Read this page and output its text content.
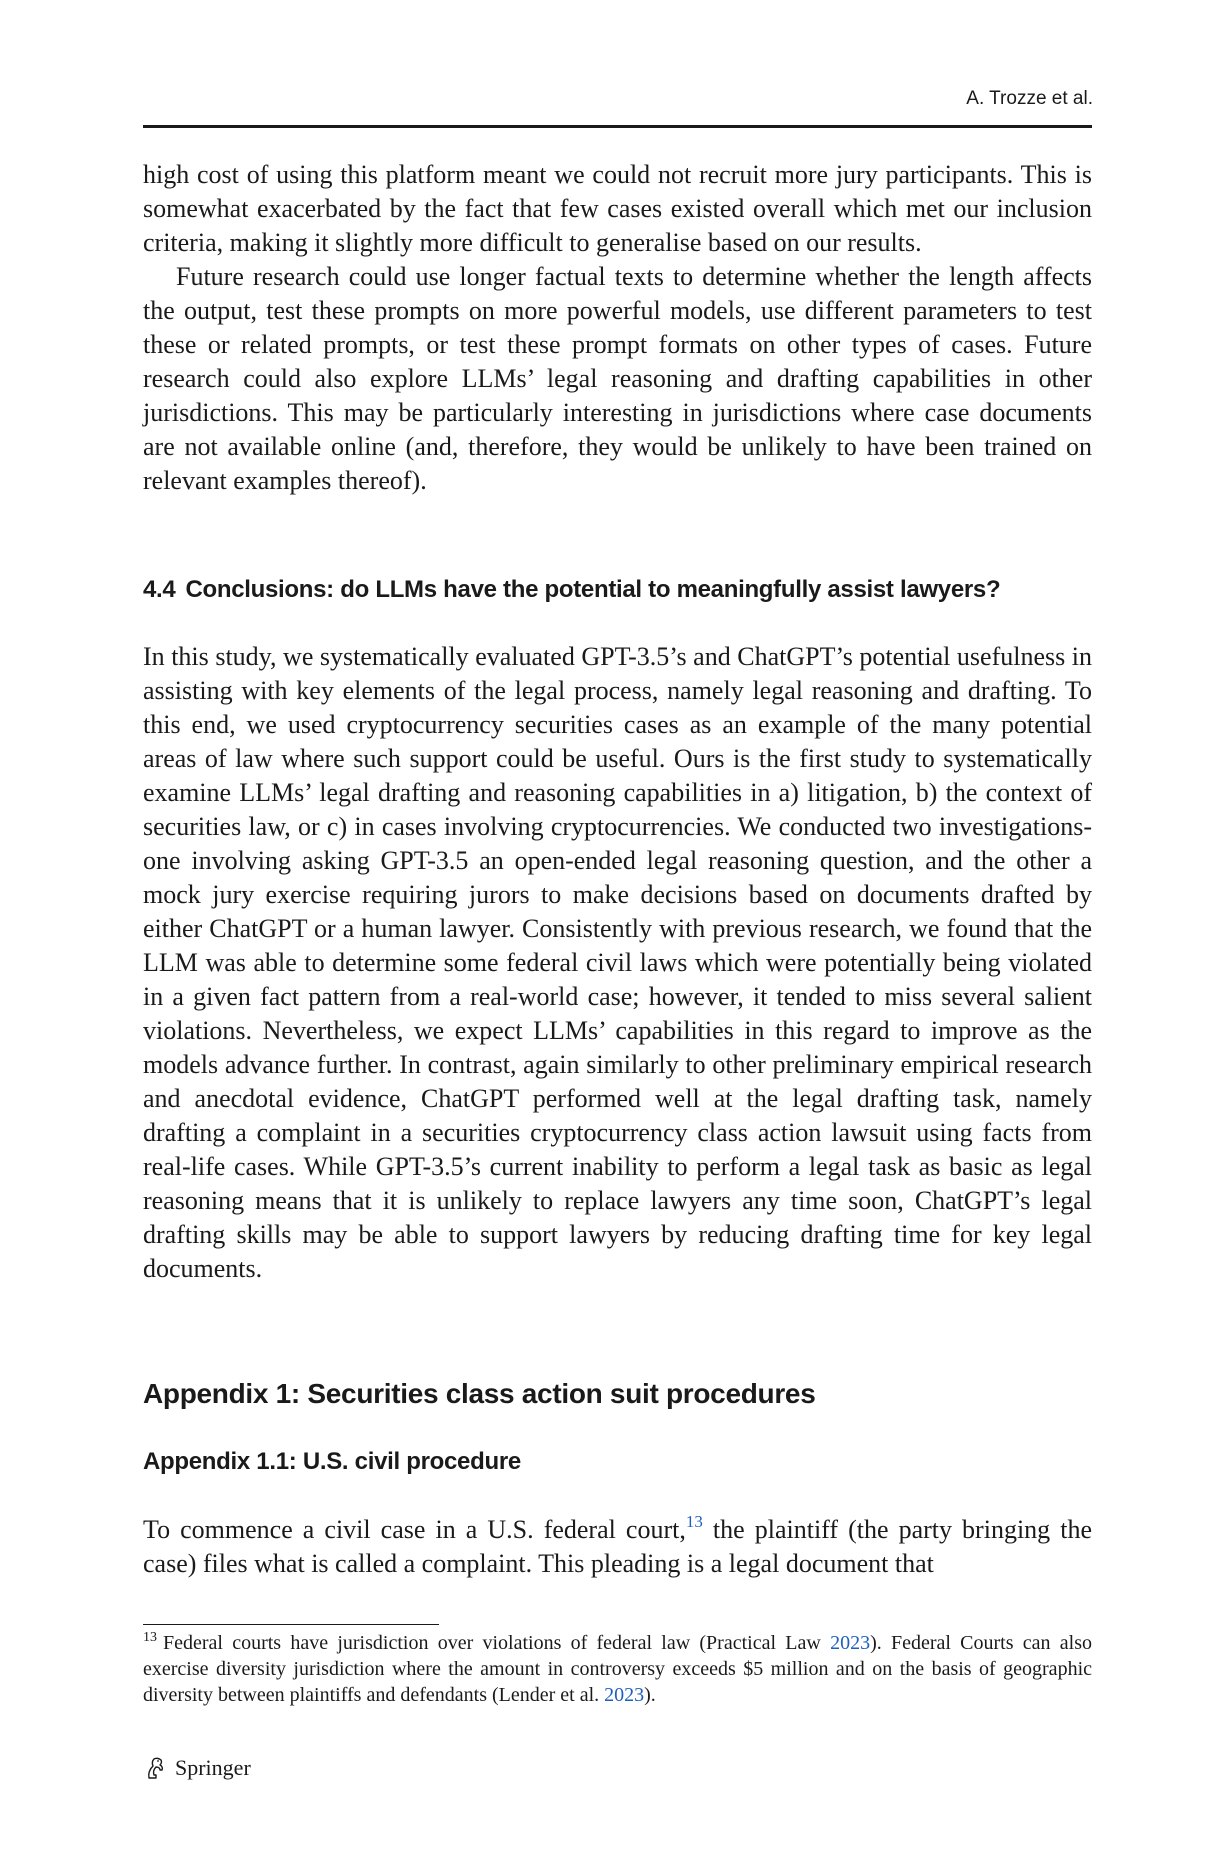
A. Trozze et al.

high cost of using this platform meant we could not recruit more jury participants. This is somewhat exacerbated by the fact that few cases existed overall which met our inclusion criteria, making it slightly more difficult to generalise based on our results.

Future research could use longer factual texts to determine whether the length affects the output, test these prompts on more powerful models, use different parameters to test these or related prompts, or test these prompt formats on other types of cases. Future research could also explore LLMs’ legal reasoning and drafting capabilities in other jurisdictions. This may be particularly interesting in jurisdictions where case documents are not available online (and, therefore, they would be unlikely to have been trained on relevant examples thereof).

4.4 Conclusions: do LLMs have the potential to meaningfully assist lawyers?

In this study, we systematically evaluated GPT-3.5’s and ChatGPT’s potential usefulness in assisting with key elements of the legal process, namely legal reasoning and drafting. To this end, we used cryptocurrency securities cases as an example of the many potential areas of law where such support could be useful. Ours is the first study to systematically examine LLMs’ legal drafting and reasoning capabilities in a) litigation, b) the context of securities law, or c) in cases involving cryptocurrencies. We conducted two investigations-one involving asking GPT-3.5 an open-ended legal reasoning question, and the other a mock jury exercise requiring jurors to make decisions based on documents drafted by either ChatGPT or a human lawyer. Consistently with previous research, we found that the LLM was able to determine some federal civil laws which were potentially being violated in a given fact pattern from a real-world case; however, it tended to miss several salient violations. Nevertheless, we expect LLMs’ capabilities in this regard to improve as the models advance further. In contrast, again similarly to other preliminary empirical research and anecdotal evidence, ChatGPT performed well at the legal drafting task, namely drafting a complaint in a securities cryptocurrency class action lawsuit using facts from real-life cases. While GPT-3.5’s current inability to perform a legal task as basic as legal reasoning means that it is unlikely to replace lawyers any time soon, ChatGPT’s legal drafting skills may be able to support lawyers by reducing drafting time for key legal documents.

Appendix 1: Securities class action suit procedures
Appendix 1.1: U.S. civil procedure

To commence a civil case in a U.S. federal court,$^{13}$ the plaintiff (the party bringing the case) files what is called a complaint. This pleading is a legal document that

$^{13}$ Federal courts have jurisdiction over violations of federal law (Practical Law 2023). Federal Courts can also exercise diversity jurisdiction where the amount in controversy exceeds $5 million and on the basis of geographic diversity between plaintiffs and defendants (Lender et al. 2023).
Springer
